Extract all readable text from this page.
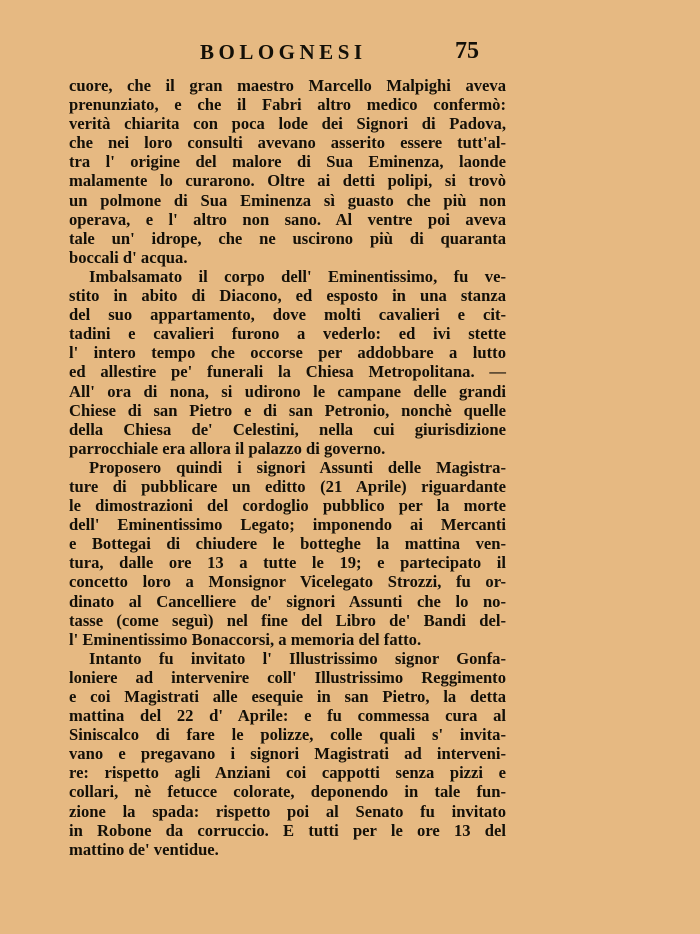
BOLOGNESI	75
cuore, che il gran maestro Marcello Malpighi aveva
prenunziato, e che il Fabri altro medico confermò:
verità chiarita con poca lode dei Signori di Padova,
che nei loro consulti avevano asserito essere tutt'al-
tra l' origine del malore di Sua Eminenza, laonde
malamente lo curarono. Oltre ai detti polipi, si trovò
un polmone di Sua Eminenza sì guasto che più non
operava, e l' altro non sano. Al ventre poi aveva
tale un' idrope, che ne uscirono più di quaranta
boccali d' acqua.
Imbalsamato il corpo dell' Eminentissimo, fu ve-
stito in abito di Diacono, ed esposto in una stanza
del suo appartamento, dove molti cavalieri e cit-
tadini e cavalieri furono a vederlo: ed ivi stette
l' intero tempo che occorse per addobbare a lutto
ed allestire pe' funerali la Chiesa Metropolitana. —
All' ora di nona, si udirono le campane delle grandi
Chiese di san Pietro e di san Petronio, nonchè quelle
della Chiesa de' Celestini, nella cui giurisdizione
parrocchiale era allora il palazzo di governo.
Proposero quindi i signori Assunti delle Magistra-
ture di pubblicare un editto (21 Aprile) riguardante
le dimostrazioni del cordoglio pubblico per la morte
dell' Eminentissimo Legato; imponendo ai Mercanti
e Bottegai di chiudere le botteghe la mattina ven-
tura, dalle ore 13 a tutte le 19; e partecipato il
concetto loro a Monsignor Vicelegato Strozzi, fu or-
dinato al Cancelliere de' signori Assunti che lo no-
tasse (come seguì) nel fine del Libro de' Bandi del-
l' Eminentissimo Bonaccorsi, a memoria del fatto.
Intanto fu invitato l' Illustrissimo signor Gonfa-
loniere ad intervenire coll' Illustrissimo Reggimento
e coi Magistrati alle esequie in san Pietro, la detta
mattina del 22 d' Aprile: e fu commessa cura al
Siniscalco di fare le polizze, colle quali s' invita-
vano e pregavano i signori Magistrati ad interveni-
re: rispetto agli Anziani coi cappotti senza pizzi e
collari, nè fetucce colorate, deponendo in tale fun-
zione la spada: rispetto poi al Senato fu invitato
in Robone da corruccio. E tutti per le ore 13 del
mattino de' ventidue.
